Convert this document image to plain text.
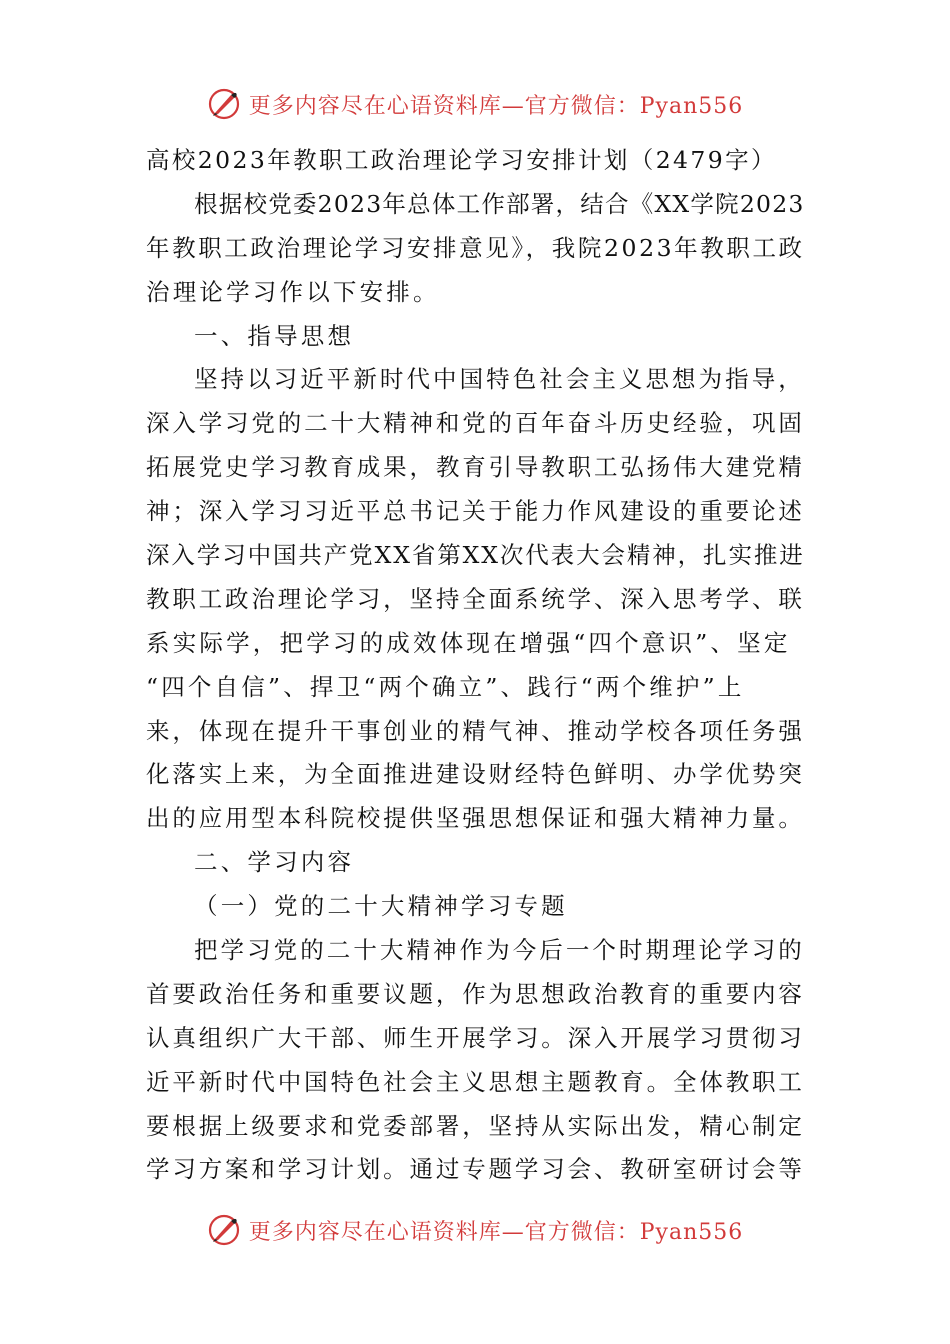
更多内容尽在心语资料库—官方微信：Pyan556
高校2023年教职工政治理论学习安排计划（2479字）
根据校党委2023年总体工作部署，结合《XX学院2023
年教职工政治理论学习安排意见》，我院2023年教职工政
治理论学习作以下安排。
一、指导思想
坚持以习近平新时代中国特色社会主义思想为指导，
深入学习党的二十大精神和党的百年奋斗历史经验，巩固
拓展党史学习教育成果，教育引导教职工弘扬伟大建党精
神；深入学习习近平总书记关于能力作风建设的重要论述
深入学习中国共产党XX省第XX次代表大会精神，扎实推进
教职工政治理论学习，坚持全面系统学、深入思考学、联
系实际学，把学习的成效体现在增强“四个意识”、坚定
“四个自信”、捍卫“两个确立”、践行“两个维护”上
来，体现在提升干事创业的精气神、推动学校各项任务强
化落实上来，为全面推进建设财经特色鲜明、办学优势突
出的应用型本科院校提供坚强思想保证和强大精神力量。
二、学习内容
（一）党的二十大精神学习专题
把学习党的二十大精神作为今后一个时期理论学习的
首要政治任务和重要议题，作为思想政治教育的重要内容
认真组织广大干部、师生开展学习。深入开展学习贯彻习
近平新时代中国特色社会主义思想主题教育。全体教职工
要根据上级要求和党委部署，坚持从实际出发，精心制定
学习方案和学习计划。通过专题学习会、教研室研讨会等
更多内容尽在心语资料库—官方微信：Pyan556
